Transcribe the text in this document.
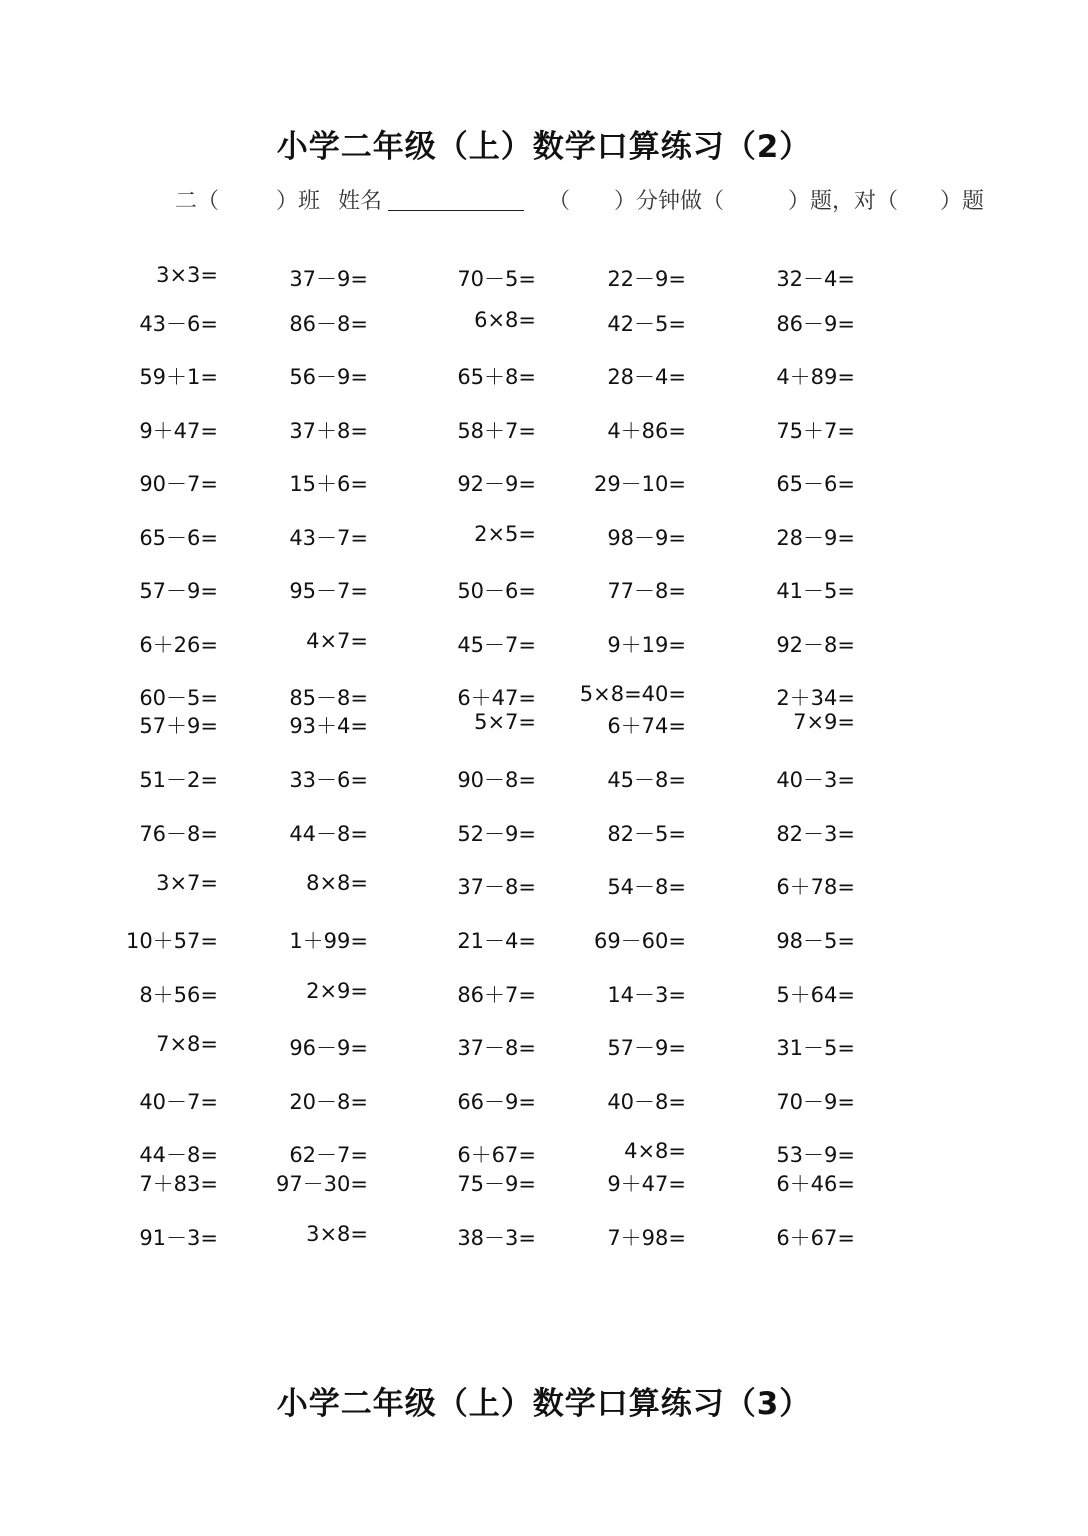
小学二年级（上）数学口算练习（2）
二（	）班 姓名	（ ）分钟做（	）题，对（ ）题
3×3=	37－9=	70－5=	22－9=	32－4=
43－6=	86－8=	6×8=	42－5=	86－9=
59＋1=	56－9=	65＋8=	28－4=	4＋89=
9＋47=	37＋8=	58＋7=	4＋86=	75＋7=
90－7=	15＋6=	92－9=	29－10=	65－6=
65－6=	43－7=	2×5=	98－9=	28－9=
57－9=	95－7=	50－6=	77－8=	41－5=
6＋26=	4×7=	45－7=	9＋19=	92－8=
60－5=	85－8=	6＋47=	5×8=40=	2＋34=
57＋9=	93＋4=	5×7=	6＋74=	7×9=
51－2=	33－6=	90－8=	45－8=	40－3=
76－8=	44－8=	52－9=	82－5=	82－3=
3×7=	8×8=	37－8=	54－8=	6＋78=
10＋57=	1＋99=	21－4=	69－60=	98－5=
8＋56=	2×9=	86＋7=	14－3=	5＋64=
7×8=	96－9=	37－8=	57－9=	31－5=
40－7=	20－8=	66－9=	40－8=	70－9=
44－8=	62－7=	6＋67=	4×8=	53－9=
7＋83=	97－30=	75－9=	9＋47=	6＋46=
91－3=	3×8=	38－3=	7＋98=	6＋67=
小学二年级（上）数学口算练习（3）
